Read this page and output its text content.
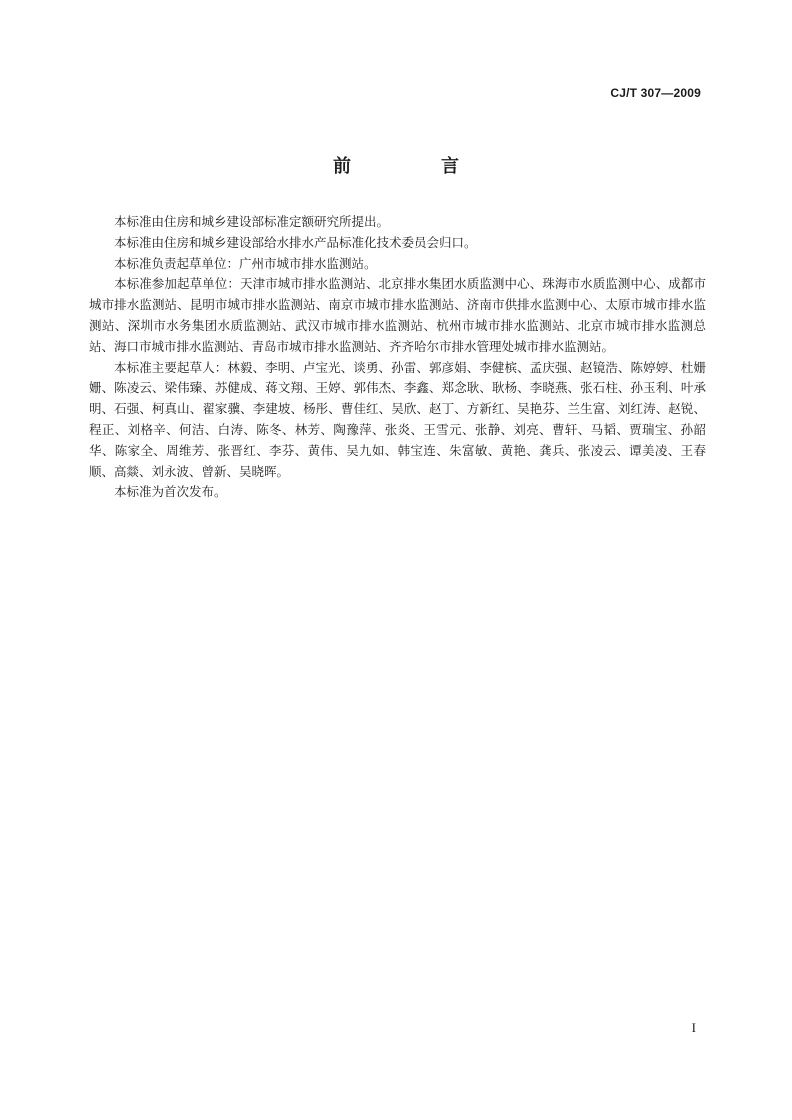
CJ/T 307—2009
前　言

本标准由住房和城乡建设部标准定额研究所提出。

本标准由住房和城乡建设部给水排水产品标准化技术委员会归口。

本标准负责起草单位：广州市城市排水监测站。

本标准参加起草单位：天津市城市排水监测站、北京排水集团水质监测中心、珠海市水质监测中心、成都市城市排水监测站、昆明市城市排水监测站、南京市城市排水监测站、济南市供排水监测中心、太原市城市排水监测站、深圳市水务集团水质监测站、武汉市城市排水监测站、杭州市城市排水监测站、北京市城市排水监测总站、海口市城市排水监测站、青岛市城市排水监测站、齐齐哈尔市排水管理处城市排水监测站。

本标准主要起草人：林毅、李明、卢宝光、谈勇、孙雷、郭彦娟、李健槟、孟庆强、赵镜浩、陈婷婷、杜姗姗、陈凌云、梁伟臻、苏健成、蒋文翔、王婷、郭伟杰、李鑫、郑念耿、耿杨、李晓燕、张石柱、孙玉利、叶承明、石强、柯真山、翟家骥、李建坡、杨彤、曹佳红、吴欣、赵丁、方新红、吴艳芬、兰生富、刘红涛、赵锐、程正、刘格辛、何洁、白涛、陈冬、林芳、陶豫萍、张炎、王雪元、张静、刘亮、曹轩、马韬、贾瑞宝、孙韶华、陈家全、周维芳、张晋红、李芬、黄伟、吴九如、韩宝连、朱富敏、黄艳、龚兵、张凌云、谭美凌、王春顺、高燚、刘永波、曾新、吴晓晖。

本标准为首次发布。

I
